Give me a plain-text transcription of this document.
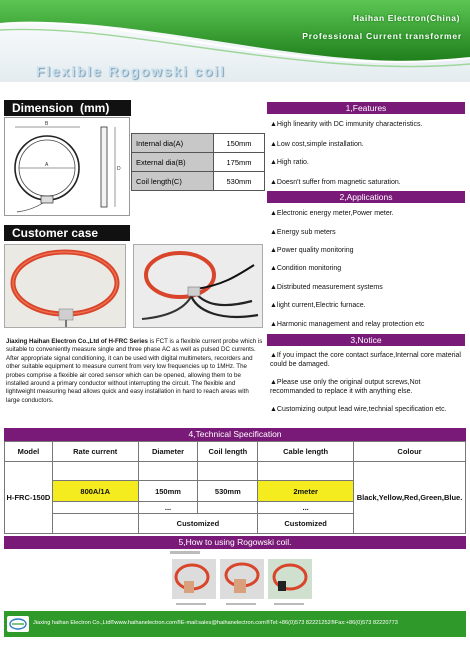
Haihan Electron(China)
Professional Current transformer
Flexible Rogowski coil
Dimension  (mm)
B
A
D
Internal dia(A)	150mm
External dia(B)	175mm
Coil length(C)	530mm
Customer case
Jiaxing Haihan Electron Co.,Ltd of H-FRC Series is FCT is a flexible current probe which is suitable to conveniently measure single and three phase AC as well as pulsed DC currents. After appropriate signal conditioning, it can be used with digital multimeters, recorders and other suitable equipment to measure current from very low frequencies up to 1MHz. The probes comprise a flexible air cored sensor which can be opened, allowing them to be installed around a primary conductor without interrupting the circuit. The flexible and lightweight measuring head allows quick and easy installation in hard to reach areas with large conductors.
1,Features
▲High linearity with DC immunity characteristics.
▲Low cost,simple installation.
▲High ratio.
▲Doesn't suffer from magnetic saturation.
2,Applications
▲Electronic energy meter,Power meter.
▲Energy sub meters
▲Power quality monitoring
▲Condition monitoring
▲Distributed measurement systems
▲light current,Electric furnace.
▲Harmonic management and relay protection etc
3,Notice
▲If you impact the core contact surface,Internal core material could be damaged.
▲Please use only the original output screws,Not recommanded to replace it with anything else.
▲Customizing output lead wire,technial specification etc.
4,Technical Specification
Model	Rate current	Diameter	Coil length	Cable length	Colour
H-FRC-150D					Black,Yellow,Red,Green,Blue.
	800A/1A	150mm	530mm	2meter	
		...		...	
		Customized		Customized	
5,How to using Rogowski coil.
Jiaxing haihan Electron Co.,Ltd®www.haihanelectron.com®E-mail:sales@haihanelectron.com®Tel:+86(0)573 82221252®Fax:+86(0)573 82220773
